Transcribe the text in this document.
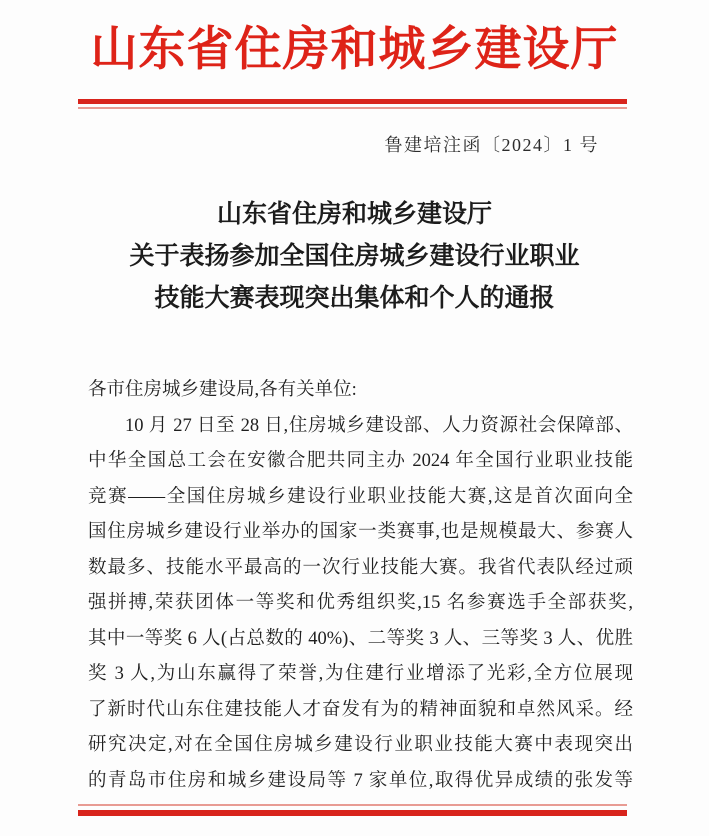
山东省住房和城乡建设厅
鲁建培注函〔2024〕1 号
山东省住房和城乡建设厅
关于表扬参加全国住房城乡建设行业职业
技能大赛表现突出集体和个人的通报
各市住房城乡建设局,各有关单位:
10 月 27 日至 28 日,住房城乡建设部、人力资源社会保障部、
中华全国总工会在安徽合肥共同主办 2024 年全国行业职业技能
竞赛——全国住房城乡建设行业职业技能大赛,这是首次面向全
国住房城乡建设行业举办的国家一类赛事,也是规模最大、参赛人
数最多、技能水平最高的一次行业技能大赛。我省代表队经过顽
强拼搏,荣获团体一等奖和优秀组织奖,15 名参赛选手全部获奖,
其中一等奖 6 人(占总数的 40%)、二等奖 3 人、三等奖 3 人、优胜
奖 3 人,为山东赢得了荣誉,为住建行业增添了光彩,全方位展现
了新时代山东住建技能人才奋发有为的精神面貌和卓然风采。经
研究决定,对在全国住房城乡建设行业职业技能大赛中表现突出
的青岛市住房和城乡建设局等 7 家单位,取得优异成绩的张发等
